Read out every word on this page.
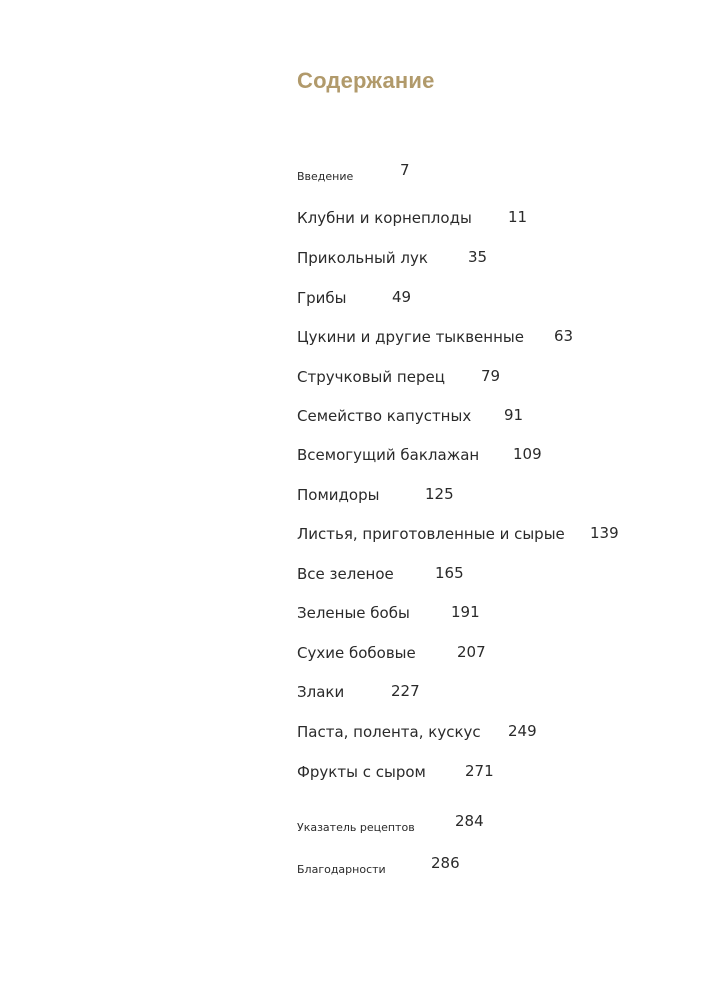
Содержание
Введение	7
Клубни и корнеплоды 11
Прикольный лук	35
Грибы	49
Цукини и другие тыквенные 63
Стручковый перец 79
Семейство капустных 91
Всемогущий баклажан 109
Помидоры	125
Листья, приготовленные и сырые 139
Все зеленое	165
Зеленые бобы	191
Сухие бобовые	207
Злаки	227
Паста, полента, кускус 249
Фрукты с сыром	271
Указатель рецептов	284
Благодарности	286
